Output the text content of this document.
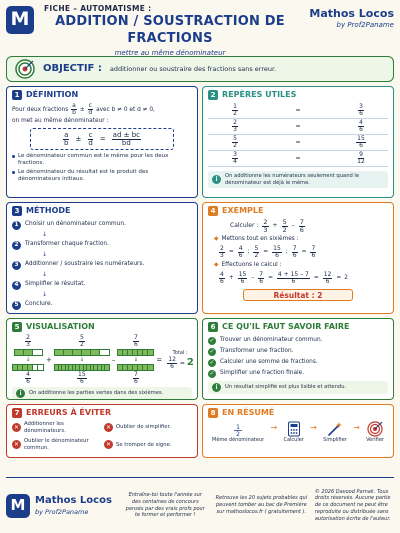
M	FICHE – AUTOMATISME :
ADDITION / SOUSTRACTION DE FRACTIONS
mettre au même dénominateur
Mathos Locos
by Prof2Paname
OBJECTIF : additionner ou soustraire des fractions sans erreur.
1 DÉFINITION

Pour deux fractions $\frac{a}{b} \pm \frac{c}{d}$ avec b ≠ 0 et d ≠ 0,

on met au même dénominateur :

$\frac{a}{b} \pm \frac{c}{d} = \frac{ad \pm bc}{bd}$
Le dénominateur commun est le même pour les deux fractions.
Le dénominateur du résultat est le produit des dénominateurs initiaux.
2 REPÈRES UTILES
$\frac{1}{2}$	=	$\frac{3}{6}$

$\frac{2}{3}$	=	$\frac{4}{6}$

$\frac{5}{2}$	=	$\frac{15}{6}$

$\frac{3}{4}$	=	$\frac{9}{12}$
i	On additionne les numérateurs seulement quand le dénominateur est déjà le même.
3 MÉTHODE
1	Choisir un dénominateur commun.
↓
2	Transformer chaque fraction.
↓
3	Additionner / soustraire les numérateurs.
↓
4	Simplifier le résultat.
↓
5	Conclure.
4 EXEMPLE
Calculer : $\frac{2}{3} + \frac{5}{2} - \frac{7}{6}$
◆ Mettons tout en sixièmes :
$\frac{2}{3} = \frac{4}{6}$ ; $\frac{5}{2} = \frac{15}{6}$ ; $\frac{7}{6} = \frac{7}{6}$
◆ Effectuons le calcul :
$\frac{4}{6} + \frac{15}{6} - \frac{7}{6} = \frac{4 + 15 - 7}{6} = \frac{12}{6} = 2$
Résultat : 2
5 VISUALISATION
$\frac{2}{3}$
↓
$\frac{4}{6}$
+
$\frac{5}{2}$
↓
$\frac{15}{6}$
–
$\frac{7}{6}$
↓
$\frac{7}{6}$
=
Total :
$\frac{12}{6} = 2$
i	On additionne les parties vertes dans des sixièmes.
6 CE QU'IL FAUT SAVOIR FAIRE
✓ Trouver un dénominateur commun.
✓ Transformer une fraction.
✓ Calculer une somme de fractions.
✓ Simplifier une fraction finale.
i	Un résultat simplifié est plus lisible et attendu.
7 ERREURS À ÉVITER
✕ Additionner les dénominateurs.	✕ Oublier de simplifier.
✕ Oublier le dénominateur commun.	✕ Se tromper de signe.
8 EN RÉSUMÉ
1
2
Même dénominateur
→
Calculer
→
Simplifier
→
Vérifier
M Mathos Locos
by Prof2Paname
Entraîne-toi toute l'année sur des centaines de concours pensés par des vrais profs pour te former et performer !
Retrouve les 20 sujets probables qui peuvent tomber au bac de Première sur mathoslocos.fr ( gratuitement ).
© 2026 Davood Parnak. Tous droits réservés. Aucune partie de ce document ne peut être reproduite ou distribuée sans autorisation écrite de l'auteur.
